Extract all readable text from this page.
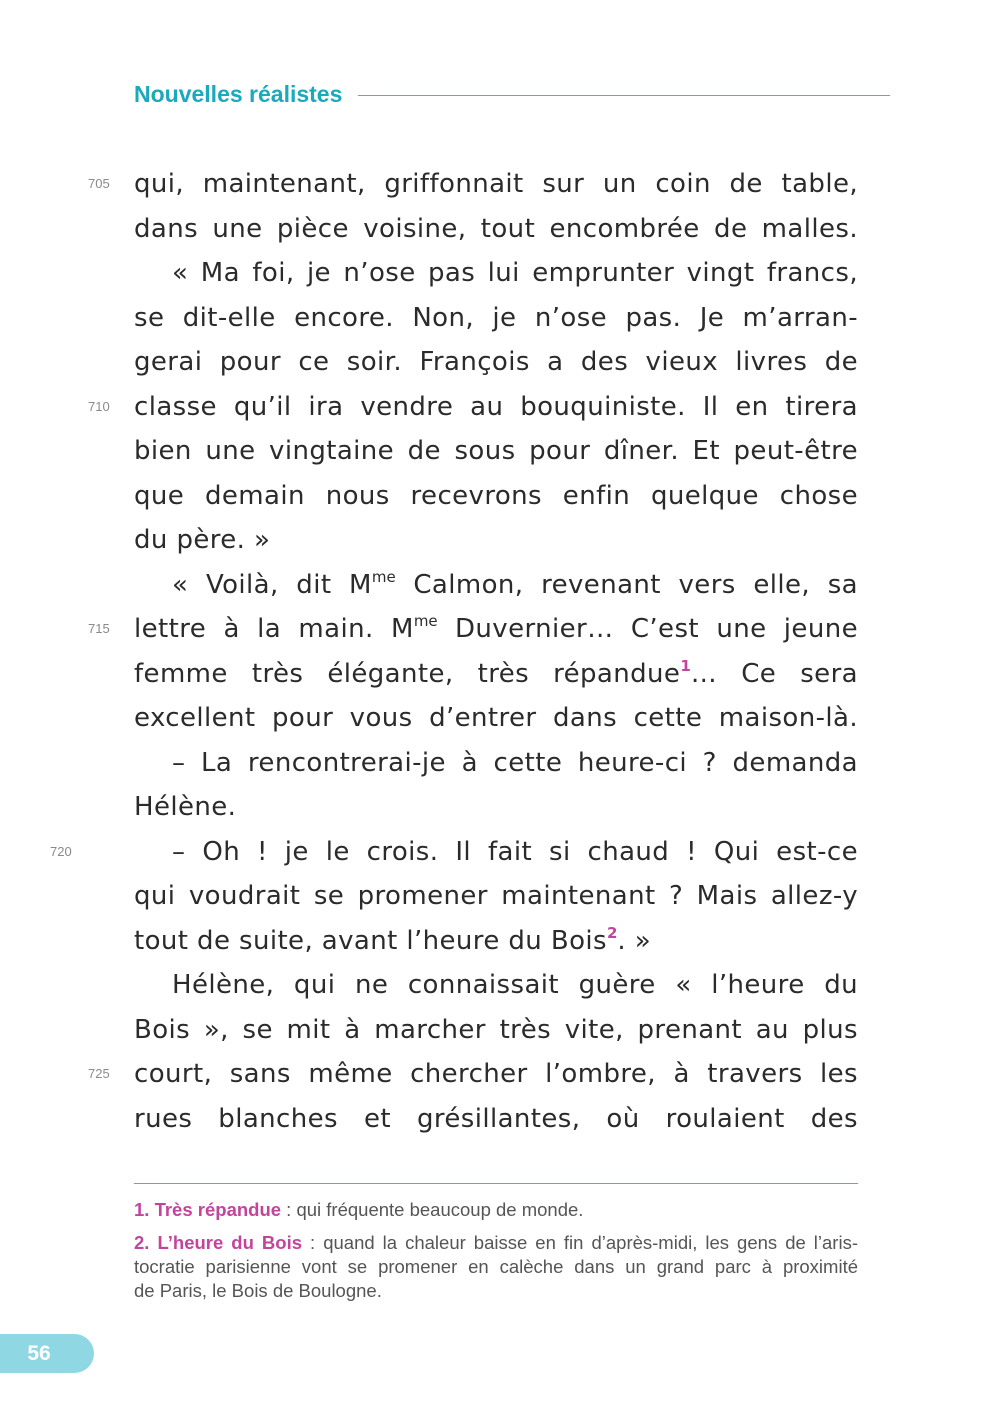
Nouvelles réalistes
705 qui, maintenant, griffonnait sur un coin de table,
dans une pièce voisine, tout encombrée de malles.
« Ma foi, je n’ose pas lui emprunter vingt francs,
se dit-elle encore. Non, je n’ose pas. Je m’arran-
gerai pour ce soir. François a des vieux livres de
710 classe qu’il ira vendre au bouquiniste. Il en tirera
bien une vingtaine de sous pour dîner. Et peut-être
que demain nous recevrons enfin quelque chose
du père. »
« Voilà, dit $M^{me}$ Calmon, revenant vers elle, sa
715 lettre à la main. $M^{me}$ Duvernier… C’est une jeune
femme très élégante, très répandue$^1$… Ce sera
excellent pour vous d’entrer dans cette maison-là.
– La rencontrerai-je à cette heure-ci ? demanda
Hélène.
720	– Oh ! je le crois. Il fait si chaud ! Qui est-ce
qui voudrait se promener maintenant ? Mais allez-y
tout de suite, avant l’heure du Bois$^2$. »
Hélène, qui ne connaissait guère « l’heure du
Bois », se mit à marcher très vite, prenant au plus
725 court, sans même chercher l’ombre, à travers les
rues blanches et grésillantes, où roulaient des
1. Très répandue : qui fréquente beaucoup de monde.
2. L’heure du Bois : quand la chaleur baisse en fin d’après-midi, les gens de l’aris-
tocratie parisienne vont se promener en calèche dans un grand parc à proximité
de Paris, le Bois de Boulogne.
56
